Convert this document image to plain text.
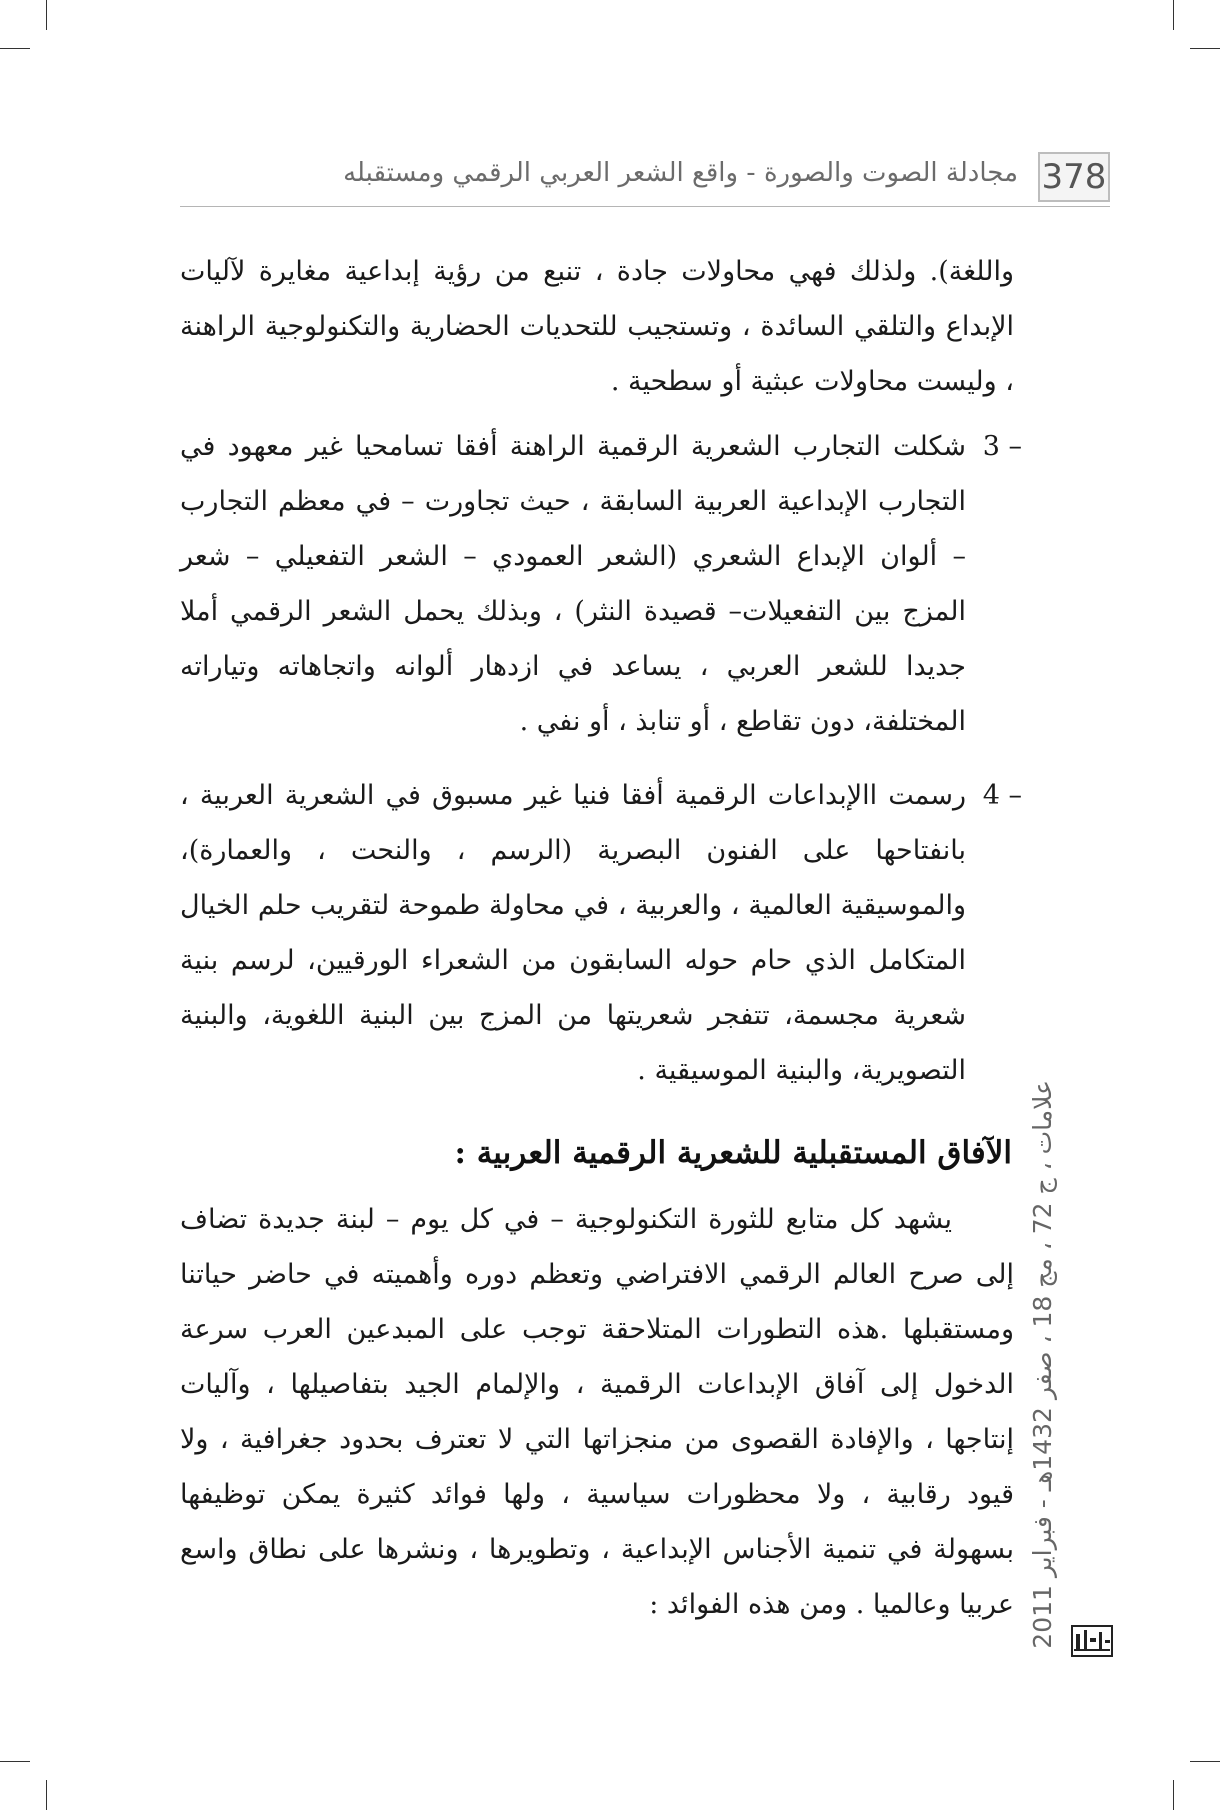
378
مجادلة الصوت والصورة - واقع الشعر العربي الرقمي ومستقبله

واللغة). ولذلك فهي محاولات جادة ، تنبع من رؤية إبداعية مغايرة لآليات الإبداع والتلقي السائدة ، وتستجيب للتحديات الحضارية والتكنولوجية الراهنة ، وليست محاولات عبثية أو سطحية .

3 –
شكلت التجارب الشعرية الرقمية الراهنة أفقا تسامحيا غير معهود في التجارب الإبداعية العربية السابقة ، حيث تجاورت – في معظم التجارب – ألوان الإبداع الشعري (الشعر العمودي – الشعر التفعيلي – شعر المزج بين التفعيلات– قصيدة النثر) ، وبذلك يحمل الشعر الرقمي أملا جديدا للشعر العربي ، يساعد في ازدهار ألوانه واتجاهاته وتياراته المختلفة، دون تقاطع ، أو تنابذ ، أو نفي .
4 –
رسمت االإبداعات الرقمية أفقا فنيا غير مسبوق في الشعرية العربية ، بانفتاحها على الفنون البصرية (الرسم ، والنحت ، والعمارة)، والموسيقية العالمية ، والعربية ، في محاولة طموحة لتقريب حلم الخيال المتكامل الذي حام حوله السابقون من الشعراء الورقيين، لرسم بنية شعرية مجسمة، تتفجر شعريتها من المزج بين البنية اللغوية، والبنية التصويرية، والبنية الموسيقية .
الآفاق المستقبلية للشعرية الرقمية العربية :

يشهد كل متابع للثورة التكنولوجية – في كل يوم – لبنة جديدة تضاف إلى صرح العالم الرقمي الافتراضي وتعظم دوره وأهميته في حاضر حياتنا ومستقبلها .هذه التطورات المتلاحقة توجب على المبدعين العرب سرعة الدخول إلى آفاق الإبداعات الرقمية ، والإلمام الجيد بتفاصيلها ، وآليات إنتاجها ، والإفادة القصوى من منجزاتها التي لا تعترف بحدود جغرافية ، ولا قيود رقابية ، ولا محظورات سياسية ، ولها فوائد كثيرة يمكن توظيفها بسهولة في تنمية الأجناس الإبداعية ، وتطويرها ، ونشرها على نطاق واسع عربيا وعالميا . ومن هذه الفوائد : علامات ، ج 72 ، مج 18 ، صفر 1432هـ - فبراير 2011
